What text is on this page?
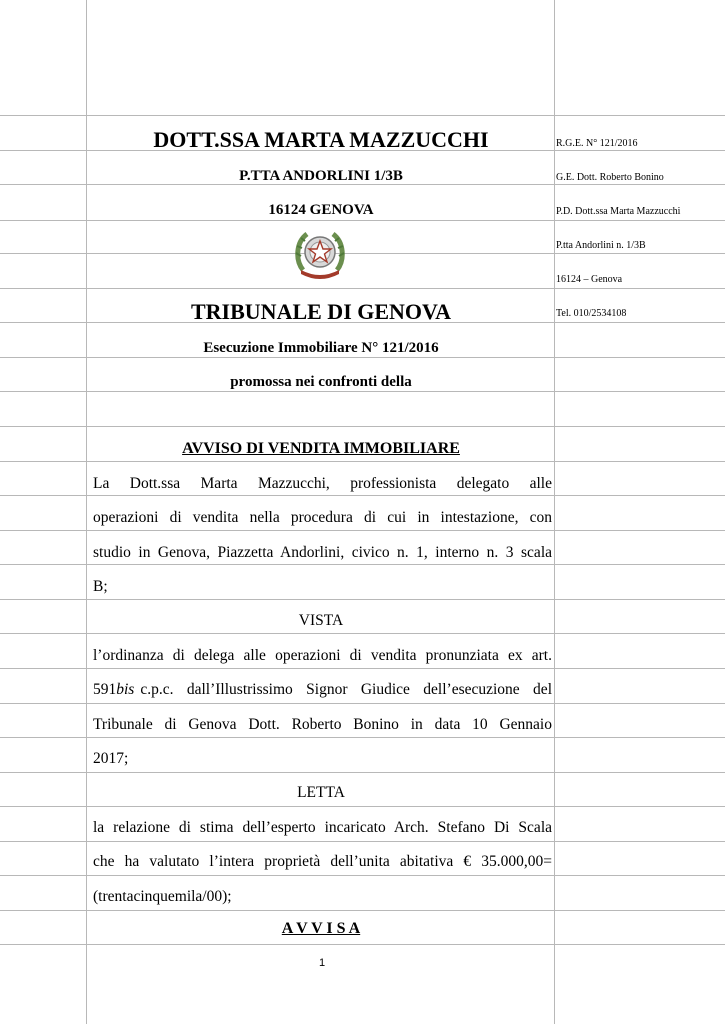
DOTT.SSA MARTA MAZZUCCHI
P.TTA ANDORLINI 1/3B
16124 GENOVA
TRIBUNALE DI GENOVA
Esecuzione Immobiliare N° 121/2016
promossa nei confronti della
R.G.E. N° 121/2016
G.E. Dott. Roberto Bonino
P.D. Dott.ssa Marta Mazzucchi
P.tta Andorlini n. 1/3B
16124 – Genova
Tel. 010/2534108
AVVISO DI VENDITA IMMOBILIARE
La Dott.ssa Marta Mazzucchi, professionista delegato alle
operazioni di vendita nella procedura di cui in intestazione, con
studio in Genova, Piazzetta Andorlini, civico n. 1, interno n. 3 scala
B;
VISTA
l’ordinanza di delega alle operazioni di vendita pronunziata ex art.
591 bis c.p.c. dall’Illustrissimo Signor Giudice dell’esecuzione del
Tribunale di Genova Dott. Roberto Bonino in data 10 Gennaio
2017;
LETTA
la relazione di stima dell’esperto incaricato Arch. Stefano Di Scala
che ha valutato l’intera proprietà dell’unita abitativa € 35.000,00=
(trentacinquemila/00);
A V V I S A
1
